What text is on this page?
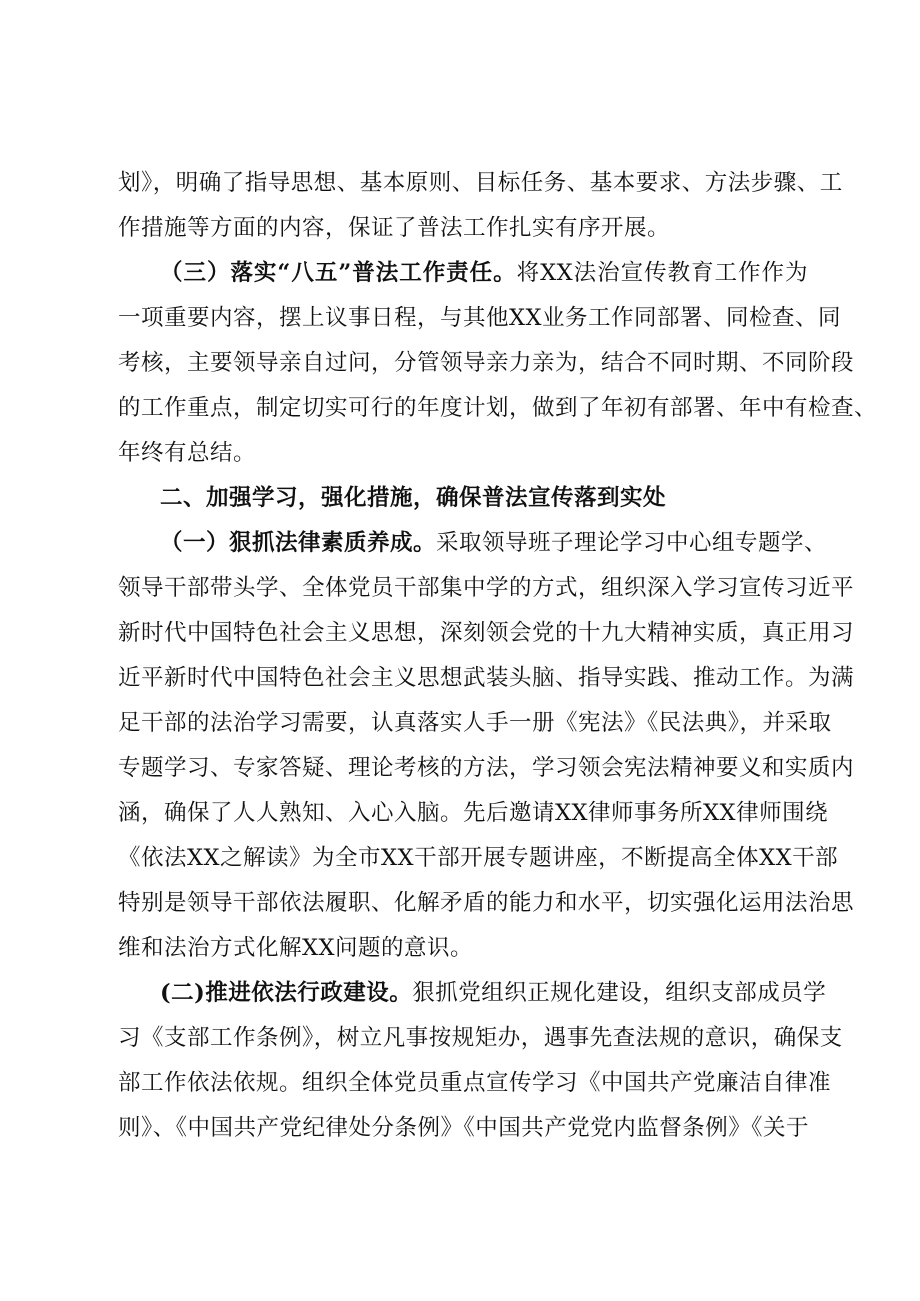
划》，明确了指导思想、基本原则、目标任务、基本要求、方法步骤、工
作措施等方面的内容，保证了普法工作扎实有序开展。
（三）落实“八五”普法工作责任。将XX法治宣传教育工作作为
一项重要内容，摆上议事日程，与其他XX业务工作同部署、同检查、同
考核，主要领导亲自过问，分管领导亲力亲为，结合不同时期、不同阶段
的工作重点，制定切实可行的年度计划，做到了年初有部署、年中有检查、
年终有总结。
二、加强学习，强化措施，确保普法宣传落到实处
（一）狠抓法律素质养成。采取领导班子理论学习中心组专题学、
领导干部带头学、全体党员干部集中学的方式，组织深入学习宣传习近平
新时代中国特色社会主义思想，深刻领会党的十九大精神实质，真正用习
近平新时代中国特色社会主义思想武装头脑、指导实践、推动工作。为满
足干部的法治学习需要，认真落实人手一册《宪法》《民法典》，并采取
专题学习、专家答疑、理论考核的方法，学习领会宪法精神要义和实质内
涵，确保了人人熟知、入心入脑。先后邀请XX律师事务所XX律师围绕
《依法XX之解读》为全市XX干部开展专题讲座，不断提高全体XX干部
特别是领导干部依法履职、化解矛盾的能力和水平，切实强化运用法治思
维和法治方式化解XX问题的意识。
(二)推进依法行政建设。狠抓党组织正规化建设，组织支部成员学
习《支部工作条例》，树立凡事按规矩办，遇事先查法规的意识，确保支
部工作依法依规。组织全体党员重点宣传学习《中国共产党廉洁自律准
则》、《中国共产党纪律处分条例》《中国共产党党内监督条例》《关于
